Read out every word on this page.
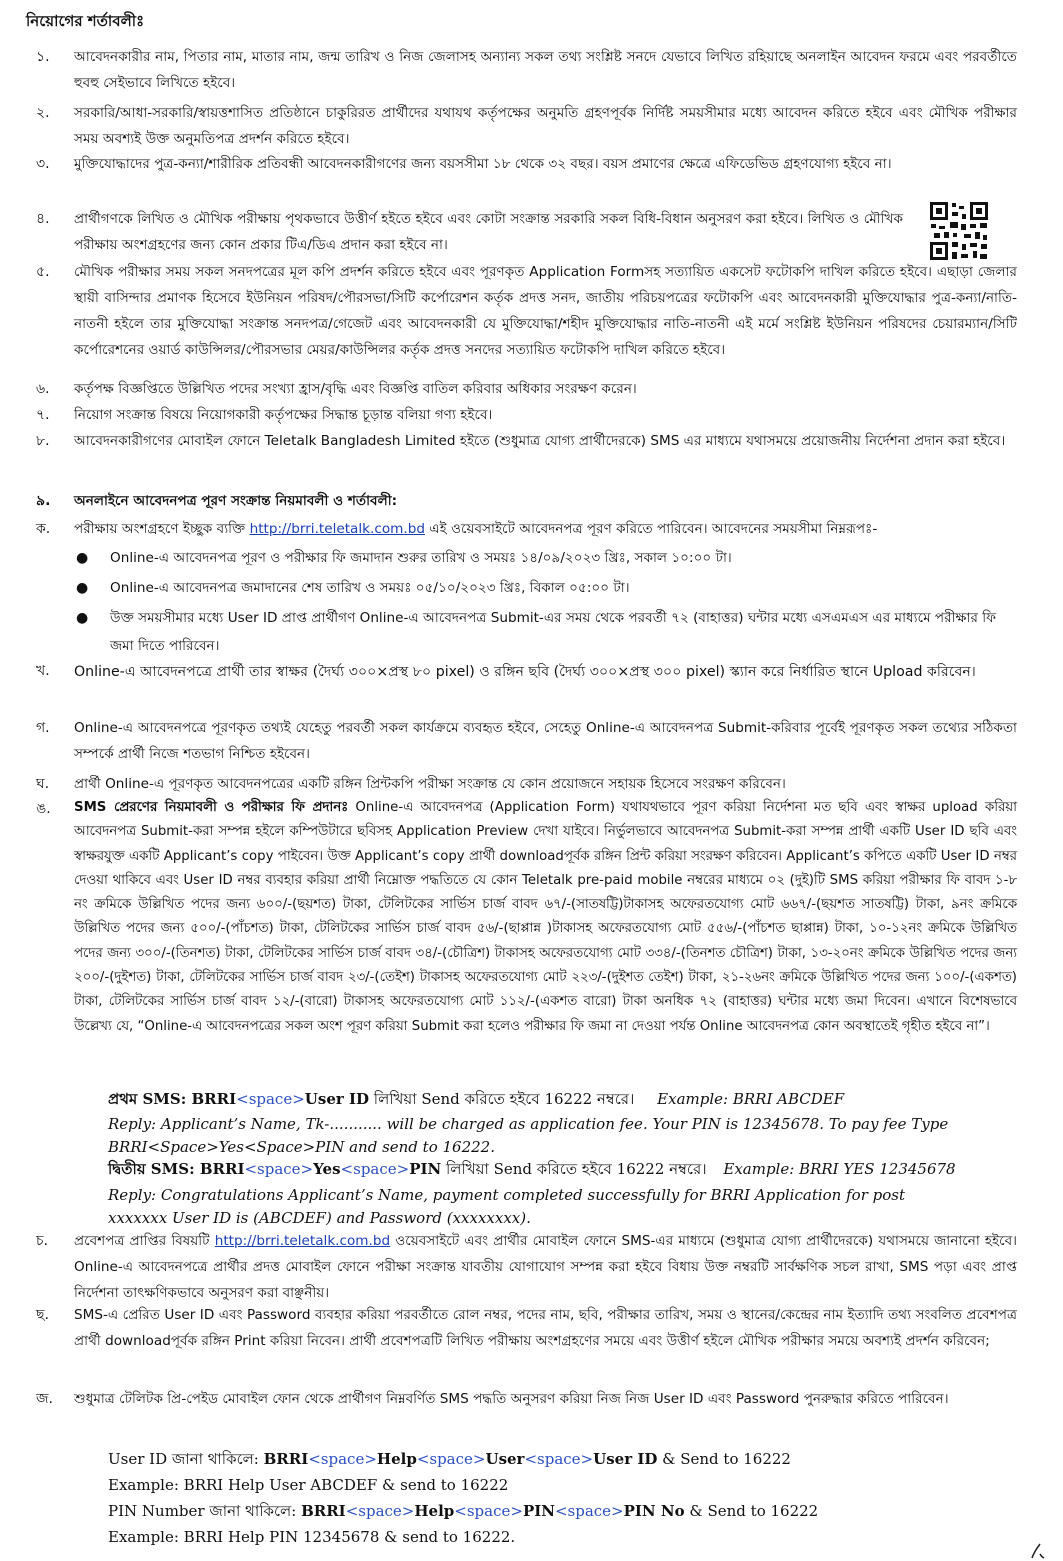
নিয়োগের শর্তাবলীঃ
১. আবেদনকারীর নাম, পিতার নাম, মাতার নাম, জন্ম তারিখ ও নিজ জেলাসহ অন্যান্য সকল তথ্য সংশ্লিষ্ট সনদে যেভাবে লিখিত রহিয়াছে অনলাইন আবেদন ফরমে এবং পরবর্তীতে হুবহু সেইভাবে লিখিতে হইবে।
২. সরকারি/আধা-সরকারি/স্বায়ত্তশাসিত প্রতিষ্ঠানে চাকুরিরত প্রার্থীদের যথাযথ কর্তৃপক্ষের অনুমতি গ্রহণপূর্বক নির্দিষ্ট সময়সীমার মধ্যে আবেদন করিতে হইবে এবং মৌখিক পরীক্ষার সময় অবশ্যই উক্ত অনুমতিপত্র প্রদর্শন করিতে হইবে।
৩. মুক্তিযোদ্ধাদের পুত্র-কন্যা/শারীরিক প্রতিবন্ধী আবেদনকারীগণের জন্য বয়সসীমা ১৮ থেকে ৩২ বছর। বয়স প্রমাণের ক্ষেত্রে এফিডেভিড গ্রহণযোগ্য হইবে না।
৪. প্রার্থীগণকে লিখিত ও মৌখিক পরীক্ষায় পৃথকভাবে উত্তীর্ণ হইতে হইবে এবং কোটা সংক্রান্ত সরকারি সকল বিধি-বিধান অনুসরণ করা হইবে। লিখিত ও মৌখিক পরীক্ষায় অংশগ্রহণের জন্য কোন প্রকার টিএ/ডিএ প্রদান করা হইবে না।
৫. মৌখিক পরীক্ষার সময় সকল সনদপত্রের মূল কপি প্রদর্শন করিতে হইবে এবং পূরণকৃত Application Formসহ সত্যায়িত একসেট ফটোকপি দাখিল করিতে হইবে। এছাড়া জেলার স্থায়ী বাসিন্দার প্রমাণক হিসেবে ইউনিয়ন পরিষদ/পৌরসভা/সিটি কর্পোরেশন কর্তৃক প্রদত্ত সনদ, জাতীয় পরিচয়পত্রের ফটোকপি এবং আবেদনকারী মুক্তিযোদ্ধার পুত্র-কন্যা/নাতি-নাতনী হইলে তার মুক্তিযোদ্ধা সংক্রান্ত সনদপত্র/গেজেট এবং আবেদনকারী যে মুক্তিযোদ্ধা/শহীদ মুক্তিযোদ্ধার নাতি-নাতনী এই মর্মে সংশ্লিষ্ট ইউনিয়ন পরিষদের চেয়ারম্যান/সিটি কর্পোরেশনের ওয়ার্ড কাউন্সিলর/পৌরসভার মেয়র/কাউন্সিলর কর্তৃক প্রদত্ত সনদের সত্যায়িত ফটোকপি দাখিল করিতে হইবে।
৬. কর্তৃপক্ষ বিজ্ঞপ্তিতে উল্লিখিত পদের সংখ্যা হ্রাস/বৃদ্ধি এবং বিজ্ঞপ্তি বাতিল করিবার অধিকার সংরক্ষণ করেন।
৭. নিয়োগ সংক্রান্ত বিষয়ে নিয়োগকারী কর্তৃপক্ষের সিদ্ধান্ত চূড়ান্ত বলিয়া গণ্য হইবে।
৮. আবেদনকারীগণের মোবাইল ফোনে Teletalk Bangladesh Limited হইতে (শুধুমাত্র যোগ্য প্রার্থীদেরকে) SMS এর মাধ্যমে যথাসময়ে প্রয়োজনীয় নির্দেশনা প্রদান করা হইবে।
৯. অনলাইনে আবেদনপত্র পূরণ সংক্রান্ত নিয়মাবলী ও শর্তাবলী:
ক. পরীক্ষায় অংশগ্রহণে ইচ্ছুক ব্যক্তি http://brri.teletalk.com.bd এই ওয়েবসাইটে আবেদনপত্র পূরণ করিতে পারিবেন। আবেদনের সময়সীমা নিম্নরূপঃ-
● Online-এ আবেদনপত্র পূরণ ও পরীক্ষার ফি জমাদান শুরুর তারিখ ও সময়ঃ ১৪/০৯/২০২৩ খ্রিঃ, সকাল ১০:০০ টা।
● Online-এ আবেদনপত্র জমাদানের শেষ তারিখ ও সময়ঃ ০৫/১০/২০২৩ খ্রিঃ, বিকাল ০৫:০০ টা।
● উক্ত সময়সীমার মধ্যে User ID প্রাপ্ত প্রার্থীগণ Online-এ আবেদনপত্র Submit-এর সময় থেকে পরবর্তী ৭২ (বাহাত্তর) ঘন্টার মধ্যে এসএমএস এর মাধ্যমে পরীক্ষার ফি জমা দিতে পারিবেন।
খ. Online-এ আবেদনপত্রে প্রার্থী তার স্বাক্ষর (দৈর্ঘ্য ৩০০×প্রস্থ ৮০ pixel) ও রঙ্গিন ছবি (দৈর্ঘ্য ৩০০×প্রস্থ ৩০০ pixel) স্ক্যান করে নির্ধারিত স্থানে Upload করিবেন।
গ. Online-এ আবেদনপত্রে পূরণকৃত তথ্যই যেহেতু পরবর্তী সকল কার্যক্রমে ব্যবহৃত হইবে, সেহেতু Online-এ আবেদনপত্র Submit-করিবার পূর্বেই পূরণকৃত সকল তথ্যের সঠিকতা সম্পর্কে প্রার্থী নিজে শতভাগ নিশ্চিত হইবেন।
ঘ. প্রার্থী Online-এ পূরণকৃত আবেদনপত্রের একটি রঙ্গিন প্রিন্টকপি পরীক্ষা সংক্রান্ত যে কোন প্রয়োজনে সহায়ক হিসেবে সংরক্ষণ করিবেন।
ঙ. SMS প্রেরণের নিয়মাবলী ও পরীক্ষার ফি প্রদানঃ Online-এ আবেদনপত্র (Application Form) যথাযথভাবে পূরণ করিয়া নির্দেশনা মত ছবি এবং স্বাক্ষর upload করিয়া আবেদনপত্র Submit-করা সম্পন্ন হইলে কম্পিউটারে ছবিসহ Application Preview দেখা যাইবে। নির্ভুলভাবে আবেদনপত্র Submit-করা সম্পন্ন প্রার্থী একটি User ID ছবি এবং স্বাক্ষরযুক্ত একটি Applicant’s copy পাইবেন। উক্ত Applicant’s copy প্রার্থী downloadপূর্বক রঙ্গিন প্রিন্ট করিয়া সংরক্ষণ করিবেন। Applicant’s কপিতে একটি User ID নম্বর দেওয়া থাকিবে এবং User ID নম্বর ব্যবহার করিয়া প্রার্থী নিম্নোক্ত পদ্ধতিতে যে কোন Teletalk pre-paid mobile নম্বরের মাধ্যমে ০২ (দুই)টি SMS করিয়া পরীক্ষার ফি বাবদ ১-৮ নং ক্রমিকে উল্লিখিত পদের জন্য ৬০০/-(ছয়শত) টাকা, টেলিটকের সার্ভিস চার্জ বাবদ ৬৭/-(সাতষট্টি)টাকাসহ অফেরতযোগ্য মোট ৬৬৭/-(ছয়শত সাতষট্টি) টাকা, ৯নং ক্রমিকে উল্লিখিত পদের জন্য ৫০০/-(পাঁচশত) টাকা, টেলিটকের সার্ভিস চার্জ বাবদ ৫৬/-(ছাপ্পান্ন )টাকাসহ অফেরতযোগ্য মোট ৫৫৬/-(পাঁচশত ছাপ্পান্ন) টাকা, ১০-১২নং ক্রমিকে উল্লিখিত পদের জন্য ৩০০/-(তিনশত) টাকা, টেলিটকের সার্ভিস চার্জ বাবদ ৩৪/-(চৌত্রিশ) টাকাসহ অফেরতযোগ্য মোট ৩৩৪/-(তিনশত চৌত্রিশ) টাকা, ১৩-২০নং ক্রমিকে উল্লিখিত পদের জন্য ২০০/-(দুইশত) টাকা, টেলিটকের সার্ভিস চার্জ বাবদ ২৩/-(তেইশ) টাকাসহ অফেরতযোগ্য মোট ২২৩/-(দুইশত তেইশ) টাকা, ২১-২৬নং ক্রমিকে উল্লিখিত পদের জন্য ১০০/-(একশত) টাকা, টেলিটকের সার্ভিস চার্জ বাবদ ১২/-(বারো) টাকাসহ অফেরতযোগ্য মোট ১১২/-(একশত বারো) টাকা অনধিক ৭২ (বাহাত্তর) ঘন্টার মধ্যে জমা দিবেন। এখানে বিশেষভাবে উল্লেখ্য যে, “Online-এ আবেদনপত্রের সকল অংশ পূরণ করিয়া Submit করা হলেও পরীক্ষার ফি জমা না দেওয়া পর্যন্ত Online আবেদনপত্র কোন অবস্থাতেই গৃহীত হইবে না”।
প্রথম SMS: BRRI<space>User ID লিখিয়া Send করিতে হইবে 16222 নম্বরে। Example: BRRI ABCDEF
Reply: Applicant’s Name, Tk-........... will be charged as application fee. Your PIN is 12345678. To pay fee Type BRRI<Space>Yes<Space>PIN and send to 16222.
দ্বিতীয় SMS: BRRI<space>Yes<space>PIN লিখিয়া Send করিতে হইবে 16222 নম্বরে। Example: BRRI YES 12345678
Reply: Congratulations Applicant’s Name, payment completed successfully for BRRI Application for post xxxxxxx User ID is (ABCDEF) and Password (xxxxxxxx).
চ. প্রবেশপত্র প্রাপ্তির বিষয়টি http://brri.teletalk.com.bd ওয়েবসাইটে এবং প্রার্থীর মোবাইল ফোনে SMS-এর মাধ্যমে (শুধুমাত্র যোগ্য প্রার্থীদেরকে) যথাসময়ে জানানো হইবে। Online-এ আবেদনপত্রে প্রার্থীর প্রদত্ত মোবাইল ফোনে পরীক্ষা সংক্রান্ত যাবতীয় যোগাযোগ সম্পন্ন করা হইবে বিধায় উক্ত নম্বরটি সার্বক্ষণিক সচল রাখা, SMS পড়া এবং প্রাপ্ত নির্দেশনা তাৎক্ষণিকভাবে অনুসরণ করা বাঞ্ছনীয়।
ছ. SMS-এ প্রেরিত User ID এবং Password ব্যবহার করিয়া পরবর্তীতে রোল নম্বর, পদের নাম, ছবি, পরীক্ষার তারিখ, সময় ও স্থানের/কেন্দ্রের নাম ইত্যাদি তথ্য সংবলিত প্রবেশপত্র প্রার্থী downloadপূর্বক রঙ্গিন Print করিয়া নিবেন। প্রার্থী প্রবেশপত্রটি লিখিত পরীক্ষায় অংশগ্রহণের সময়ে এবং উত্তীর্ণ হইলে মৌখিক পরীক্ষার সময়ে অবশ্যই প্রদর্শন করিবেন;
জ. শুধুমাত্র টেলিটক প্রি-পেইড মোবাইল ফোন থেকে প্রার্থীগণ নিম্নবর্ণিত SMS পদ্ধতি অনুসরণ করিয়া নিজ নিজ User ID এবং Password পুনরুদ্ধার করিতে পারিবেন।
User ID জানা থাকিলে: BRRI<space>Help<space>User<space>User ID & Send to 16222
Example: BRRI Help User ABCDEF & send to 16222
PIN Number জানা থাকিলে: BRRI<space>Help<space>PIN<space>PIN No & Send to 16222
Example: BRRI Help PIN 12345678 & send to 16222.
